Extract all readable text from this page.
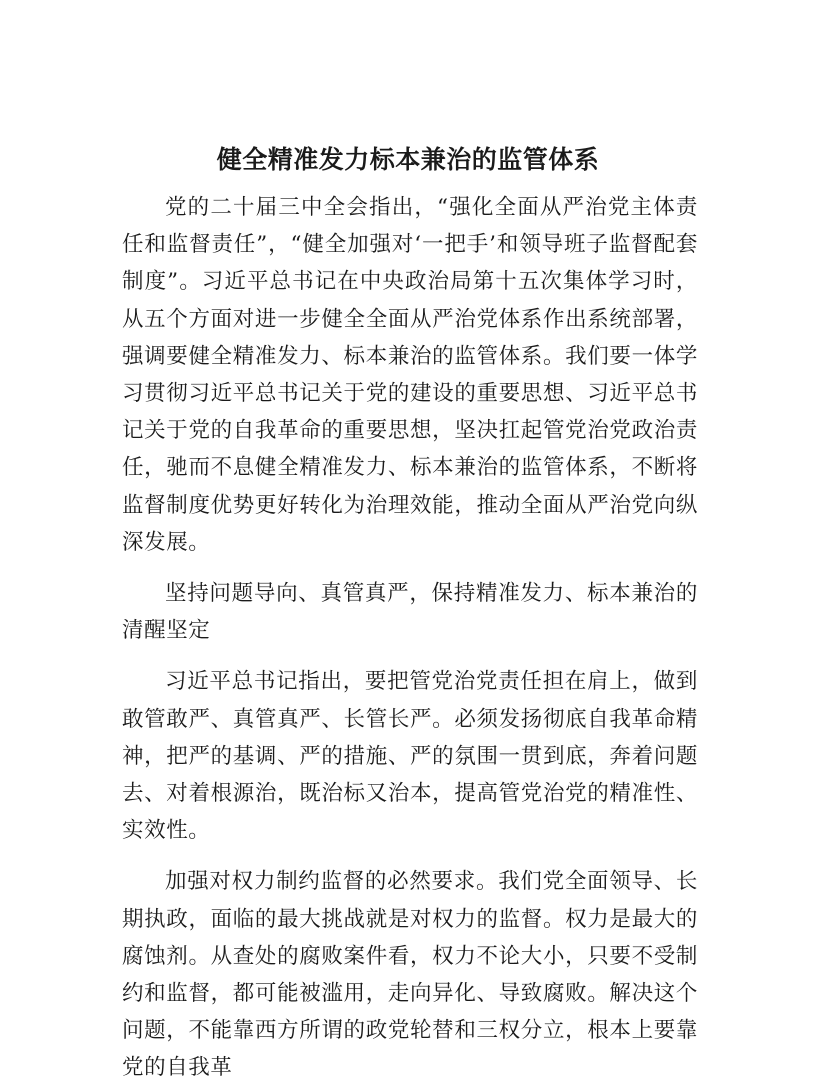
健全精准发力标本兼治的监管体系

党的二十届三中全会指出，“强化全面从严治党主体责任和监督责任”，“健全加强对‘一把手’和领导班子监督配套制度”。习近平总书记在中央政治局第十五次集体学习时，从五个方面对进一步健全全面从严治党体系作出系统部署，强调要健全精准发力、标本兼治的监管体系。我们要一体学习贯彻习近平总书记关于党的建设的重要思想、习近平总书记关于党的自我革命的重要思想，坚决扛起管党治党政治责任，驰而不息健全精准发力、标本兼治的监管体系，不断将监督制度优势更好转化为治理效能，推动全面从严治党向纵深发展。

坚持问题导向、真管真严，保持精准发力、标本兼治的清醒坚定

习近平总书记指出，要把管党治党责任担在肩上，做到敢管敢严、真管真严、长管长严。必须发扬彻底自我革命精神，把严的基调、严的措施、严的氛围一贯到底，奔着问题去、对着根源治，既治标又治本，提高管党治党的精准性、实效性。

加强对权力制约监督的必然要求。我们党全面领导、长期执政，面临的最大挑战就是对权力的监督。权力是最大的腐蚀剂。从查处的腐败案件看，权力不论大小，只要不受制约和监督，都可能被滥用，走向异化、导致腐败。解决这个问题，不能靠西方所谓的政党轮替和三权分立，根本上要靠党的自我革
